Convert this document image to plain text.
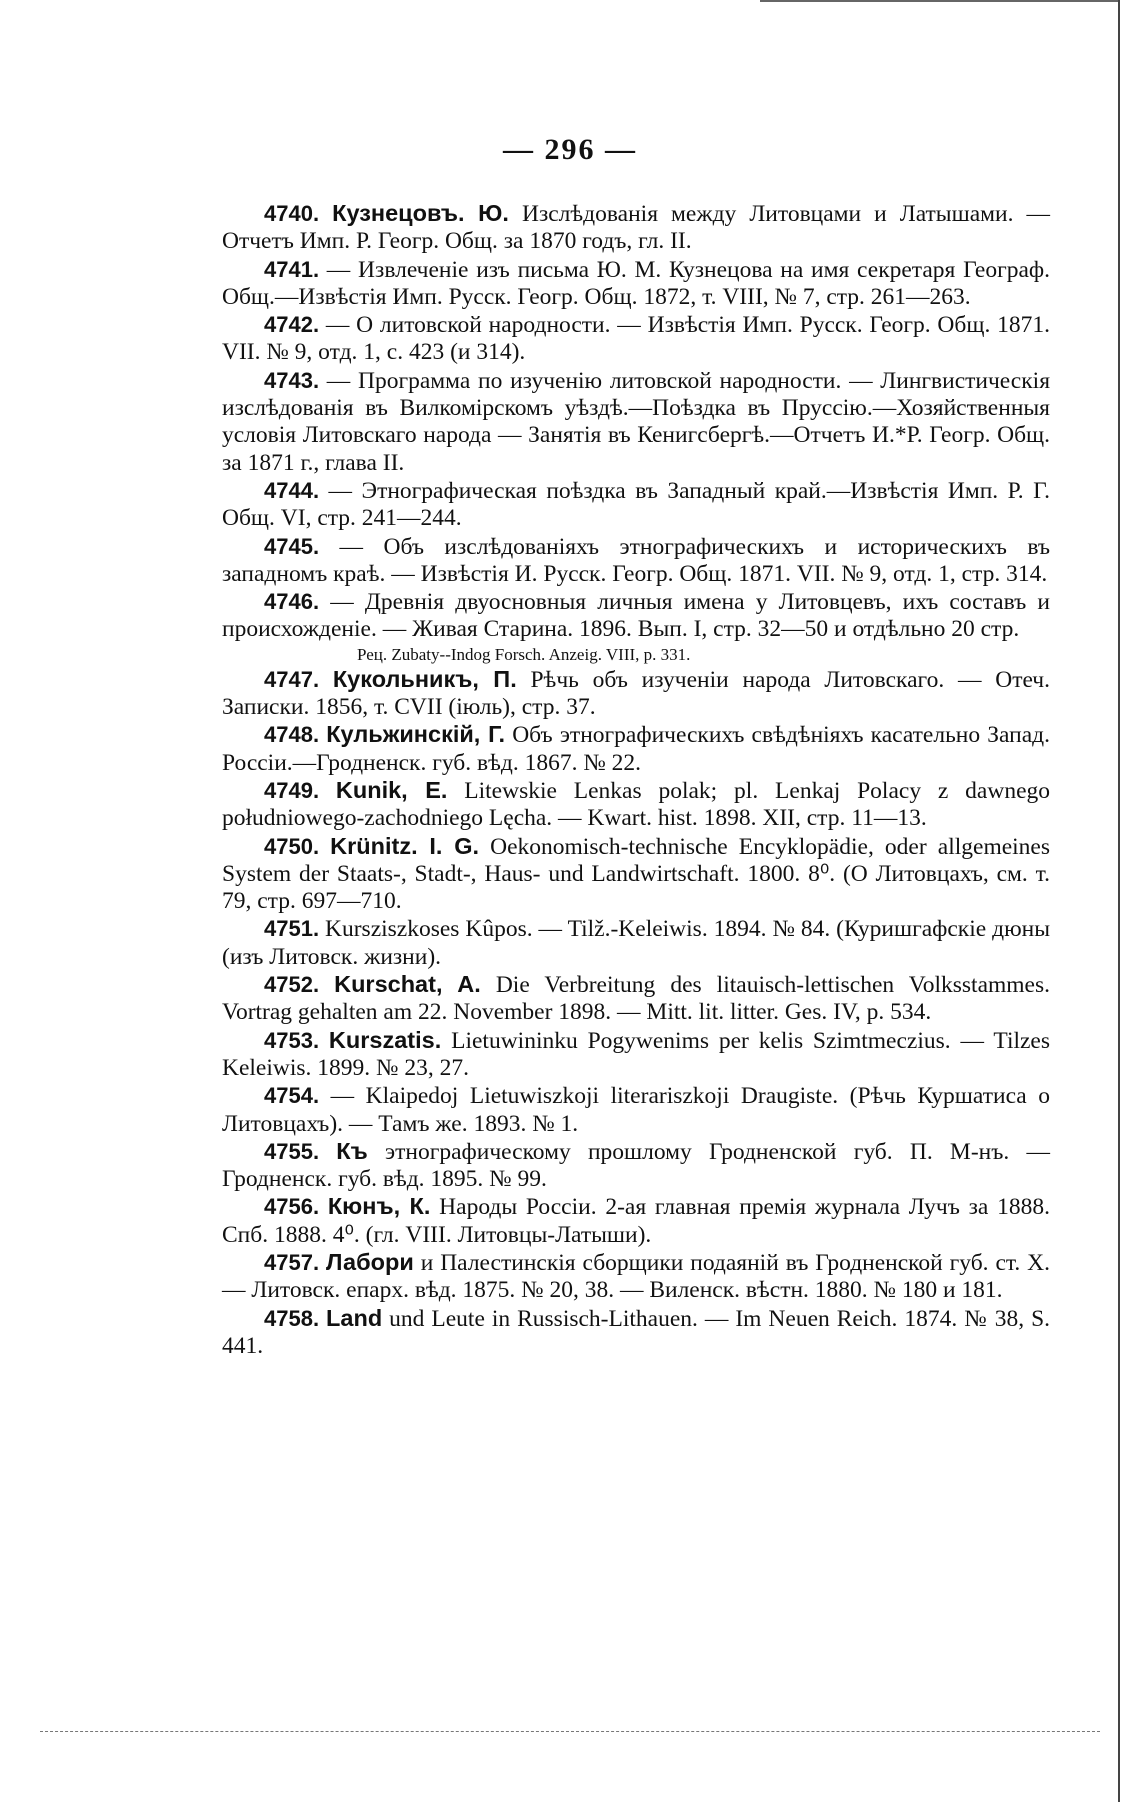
— 296 —

4740. Кузнецовъ. Ю. Изслѣдованія между Литовцами и Латышами. — Отчетъ Имп. Р. Геогр. Общ. за 1870 годъ, гл. II.

4741. — Извлеченіе изъ письма Ю. М. Кузнецова на имя секретаря Географ. Общ.—Извѣстія Имп. Русск. Геогр. Общ. 1872, т. VIII, № 7, стр. 261—263.

4742. — О литовской народности. — Извѣстія Имп. Русск. Геогр. Общ. 1871. VII. № 9, отд. 1, с. 423 (и 314).

4743. — Программа по изученію литовской народности. — Лингвистическія изслѣдованія въ Вилкомірскомъ уѣздѣ.—Поѣздка въ Пруссію.—Хозяйственныя условія Литовскаго народа — Занятія въ Кенигсбергѣ.—Отчетъ И.*Р. Геогр. Общ. за 1871 г., глава II.

4744. — Этнографическая поѣздка въ Западный край.—Извѣстія Имп. Р. Г. Общ. VI, стр. 241—244.

4745. — Объ изслѣдованіяхъ этнографическихъ и историческихъ въ западномъ краѣ. — Извѣстія И. Русск. Геогр. Общ. 1871. VII. № 9, отд. 1, стр. 314.

4746. — Древнія двуосновныя личныя имена у Литовцевъ, ихъ составъ и происхожденіе. — Живая Старина. 1896. Вып. I, стр. 32—50 и отдѣльно 20 стр.

Рец. Zubaty--Indog Forsch. Anzeig. VIII, p. 331.

4747. Кукольникъ, П. Рѣчь объ изученіи народа Литовскаго. — Отеч. Записки. 1856, т. CVII (іюль), стр. 37.

4748. Кульжинскій, Г. Объ этнографическихъ свѣдѣніяхъ касательно Запад. Россіи.—Гродненск. губ. вѣд. 1867. № 22.

4749. Kunik, E. Litewskie Lenkas polak; pl. Lenkaj Polacy z dawnego południowego-zachodniego Lęcha. — Kwart. hist. 1898. XII, стр. 11—13.

4750. Krünitz. I. G. Oekonomisch-technische Encyklopädie, oder allgemeines System der Staats-, Stadt-, Haus- und Landwirtschaft. 1800. 8⁰. (О Литовцахъ, см. т. 79, стр. 697—710.

4751. Kursziszkoses Kûpos. — Tilž.-Keleiwis. 1894. № 84. (Куришгафскіе дюны (изъ Литовск. жизни).

4752. Kurschat, A. Die Verbreitung des litauisch-lettischen Volksstammes. Vortrag gehalten am 22. November 1898. — Mitt. lit. litter. Ges. IV, p. 534.

4753. Kurszatis. Lietuwininku Pogywenims per kelis Szimtmeczius. — Tilzes Keleiwis. 1899. № 23, 27.

4754. — Klaipedoj Lietuwiszkoji literariszkoji Draugiste. (Рѣчь Куршатиса о Литовцахъ). — Тамъ же. 1893. № 1.

4755. Къ этнографическому прошлому Гродненской губ. П. М-нъ. — Гродненск. губ. вѣд. 1895. № 99.

4756. Кюнъ, К. Народы Россіи. 2-ая главная премія журнала Лучъ за 1888. Спб. 1888. 4⁰. (гл. VIII. Литовцы-Латыши).

4757. Лабори и Палестинскія сборщики подаяній въ Гродненской губ. ст. X. — Литовск. епарх. вѣд. 1875. № 20, 38. — Виленск. вѣстн. 1880. № 180 и 181.

4758. Land und Leute in Russisch-Lithauen. — Im Neuen Reich. 1874. № 38, S. 441.
